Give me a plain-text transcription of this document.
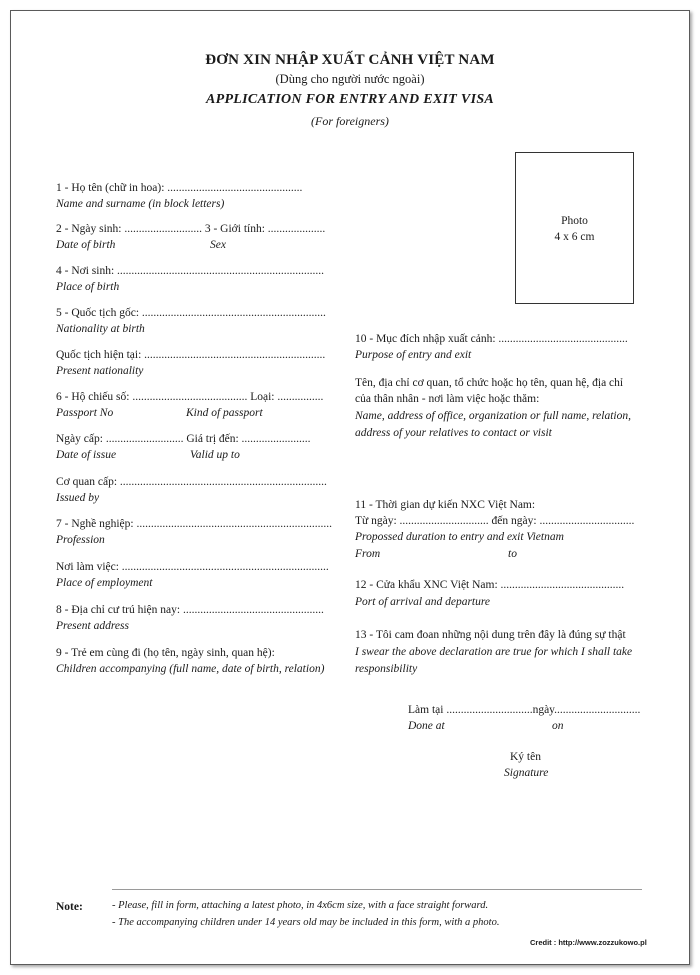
ĐƠN XIN NHẬP XUẤT CẢNH VIỆT NAM
(Dùng cho người nước ngoài)
APPLICATION FOR ENTRY AND EXIT VISA
(For foreigners)
Photo
4 x 6 cm
1 - Họ tên (chữ in hoa): ...............................................
Name and surname (in block letters)
2 - Ngày sinh: ........................... 3 - Giới tính: ....................
Date of birth	Sex
4 - Nơi sinh: ........................................................................
Place of birth
5 - Quốc tịch gốc: ................................................................
Nationality at birth
Quốc tịch hiện tại: ...............................................................
Present nationality
6 - Hộ chiếu số: ........................................ Loại: ................
Passport No	Kind of passport
Ngày cấp: ........................... Giá trị đến: ........................
Date of issue	Valid up to
Cơ quan cấp: ........................................................................
Issued by
7 - Nghề nghiệp: ....................................................................
Profession
Nơi làm việc: ........................................................................
Place of employment
8 - Địa chỉ cư trú hiện nay: .................................................
Present address
9 - Trẻ em cùng đi (họ tên, ngày sinh, quan hệ):
Children accompanying (full name, date of birth, relation)
10 - Mục đích nhập xuất cảnh: .............................................
Purpose of entry and exit
Tên, địa chỉ cơ quan, tổ chức hoặc họ tên, quan hệ, địa chỉ
của thân nhân - nơi làm việc hoặc thăm:
Name, address of office, organization or full name, relation,
address of your relatives to contact or visit
11 - Thời gian dự kiến NXC Việt Nam:
Từ ngày: ............................... đến ngày: .................................
Propossed duration to entry and exit Vietnam
From	to
12 - Cửa khẩu XNC Việt Nam: ...........................................
Port of arrival and departure
13 - Tôi cam đoan những nội dung trên đây là đúng sự thật
I swear the above declaration are true for which I shall take
responsibility
Làm tại ..............................ngày..............................
Done at	on
Ký tên
Signature
Note:	- Please, fill in form, attaching a latest photo, in 4x6cm size, with a face straight forward.
- The accompanying children under 14 years old may be included in this form, with a photo.
Credit : http://www.zozzukowo.pl
